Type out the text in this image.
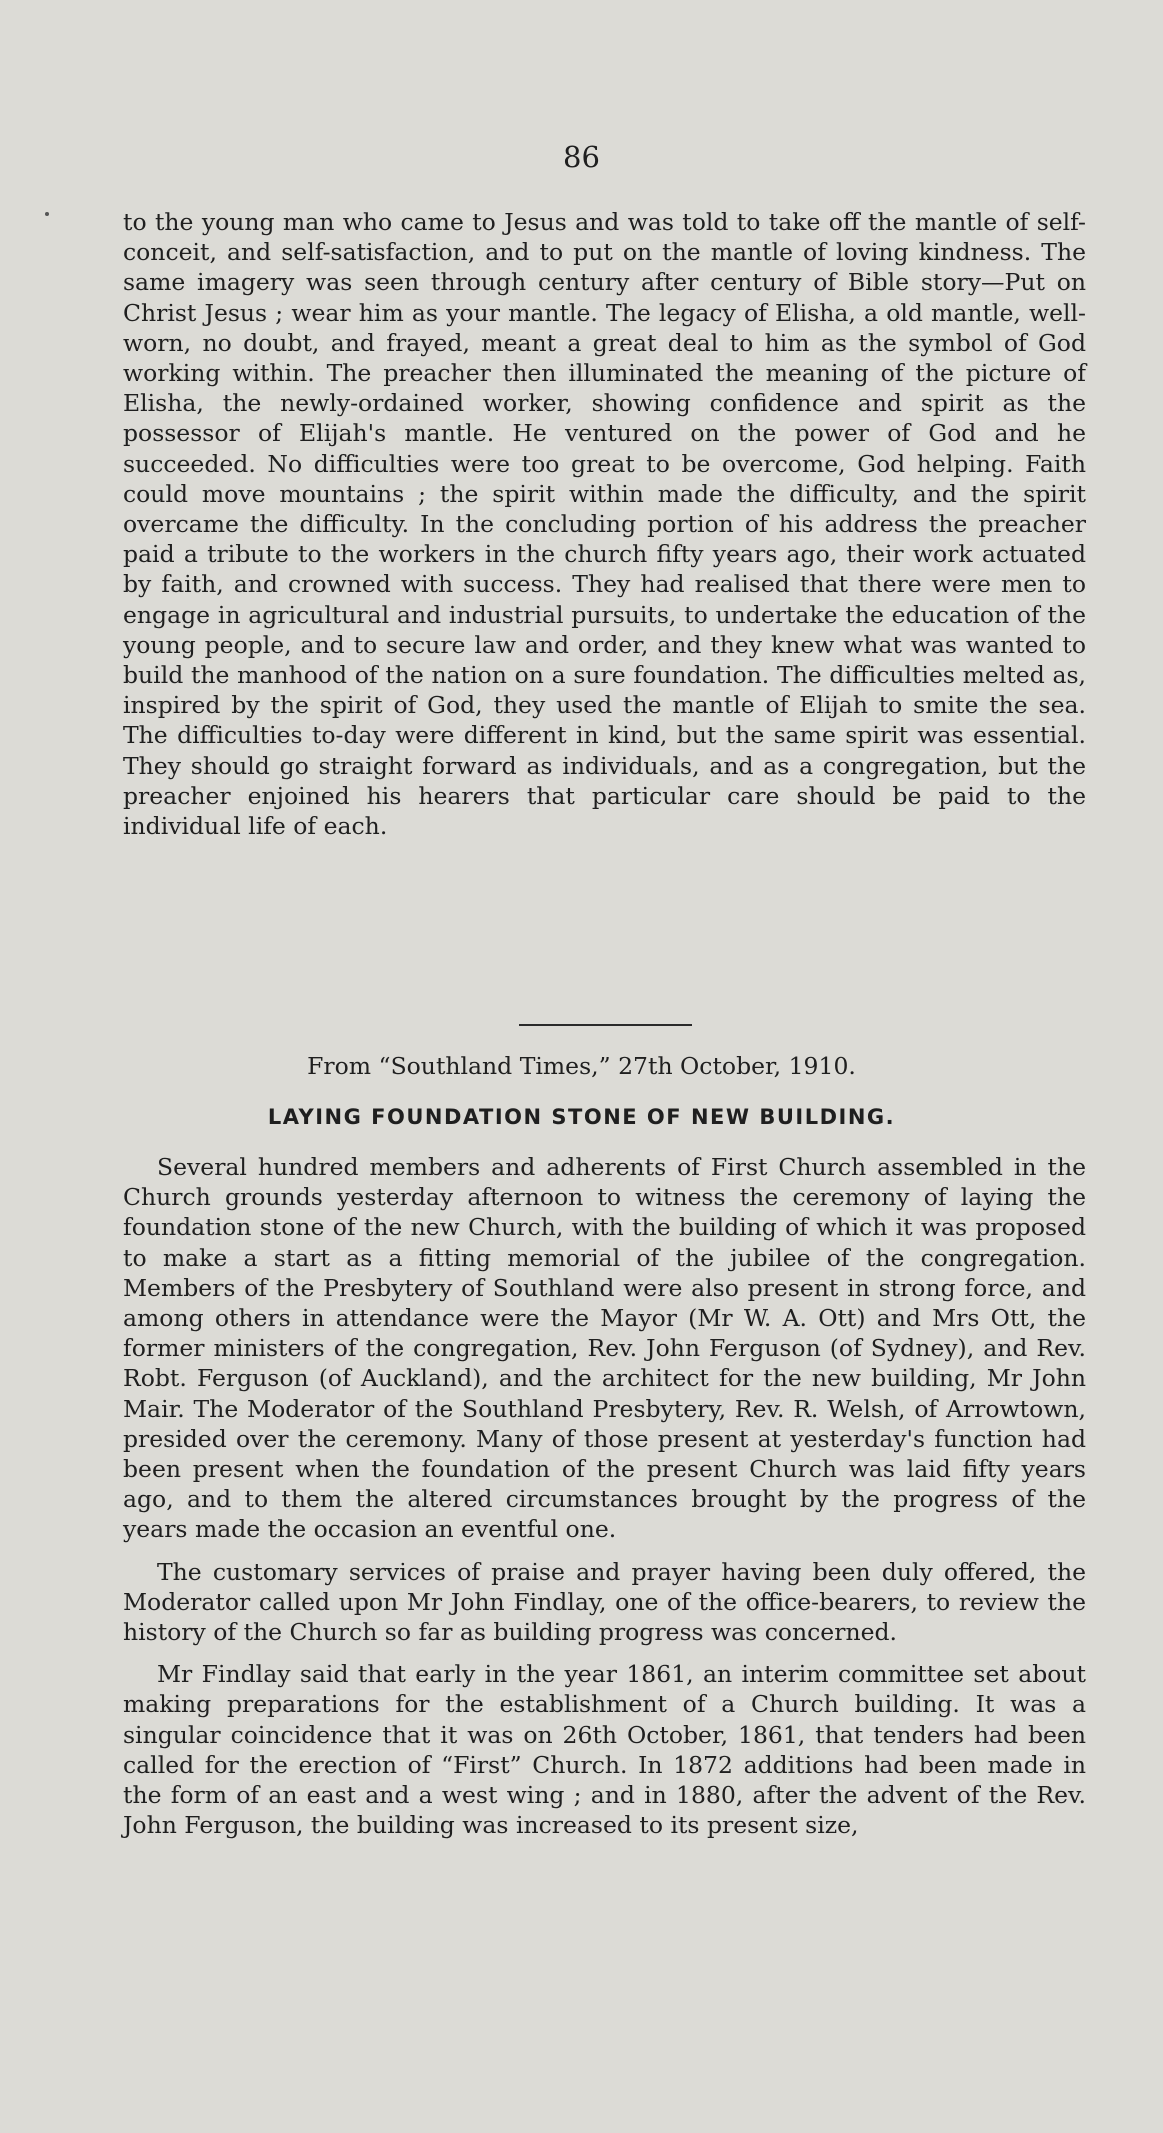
86
to the young man who came to Jesus and was told to take off the mantle of self-conceit, and self-satisfaction, and to put on the mantle of loving kindness. The same imagery was seen through century after century of Bible story—Put on Christ Jesus ; wear him as your mantle. The legacy of Elisha, a old mantle, well-worn, no doubt, and frayed, meant a great deal to him as the symbol of God working within. The preacher then illuminated the meaning of the picture of Elisha, the newly-ordained worker, showing confidence and spirit as the possessor of Elijah's mantle. He ventured on the power of God and he succeeded. No difficulties were too great to be overcome, God helping. Faith could move mountains ; the spirit within made the difficulty, and the spirit overcame the difficulty. In the concluding portion of his address the preacher paid a tribute to the workers in the church fifty years ago, their work actuated by faith, and crowned with success. They had realised that there were men to engage in agricultural and industrial pursuits, to undertake the education of the young people, and to secure law and order, and they knew what was wanted to build the manhood of the nation on a sure foundation. The difficulties melted as, inspired by the spirit of God, they used the mantle of Elijah to smite the sea. The difficulties to-day were different in kind, but the same spirit was essential. They should go straight forward as individuals, and as a congregation, but the preacher enjoined his hearers that particular care should be paid to the individual life of each.
From “Southland Times,” 27th October, 1910.
LAYING FOUNDATION STONE OF NEW BUILDING.

Several hundred members and adherents of First Church assembled in the Church grounds yesterday afternoon to witness the ceremony of laying the foundation stone of the new Church, with the building of which it was proposed to make a start as a fitting memorial of the jubilee of the congregation. Members of the Presbytery of Southland were also present in strong force, and among others in attendance were the Mayor (Mr W. A. Ott) and Mrs Ott, the former ministers of the congregation, Rev. John Ferguson (of Sydney), and Rev. Robt. Ferguson (of Auckland), and the architect for the new building, Mr John Mair. The Moderator of the Southland Presbytery, Rev. R. Welsh, of Arrowtown, presided over the ceremony. Many of those present at yesterday's function had been present when the foundation of the present Church was laid fifty years ago, and to them the altered circumstances brought by the progress of the years made the occasion an eventful one.

The customary services of praise and prayer having been duly offered, the Moderator called upon Mr John Findlay, one of the office-bearers, to review the history of the Church so far as building progress was concerned.

Mr Findlay said that early in the year 1861, an interim committee set about making preparations for the establishment of a Church building. It was a singular coincidence that it was on 26th October, 1861, that tenders had been called for the erection of “First” Church. In 1872 additions had been made in the form of an east and a west wing ; and in 1880, after the advent of the Rev. John Ferguson, the building was increased to its present size,
